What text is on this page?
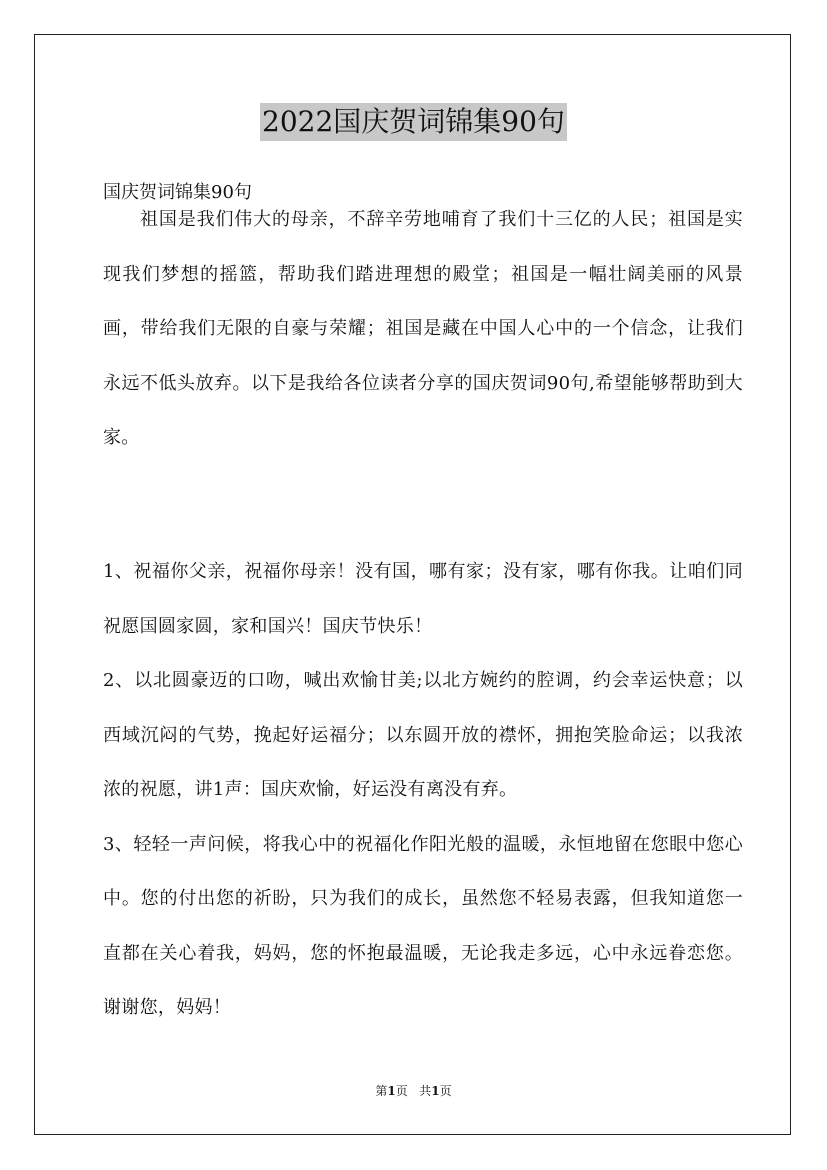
2022国庆贺词锦集90句
国庆贺词锦集90句

祖国是我们伟大的母亲，不辞辛劳地哺育了我们十三亿的人民；祖国是实现我们梦想的摇篮，帮助我们踏进理想的殿堂；祖国是一幅壮阔美丽的风景画，带给我们无限的自豪与荣耀；祖国是藏在中国人心中的一个信念，让我们永远不低头放弃。以下是我给各位读者分享的国庆贺词90句,希望能够帮助到大家。

1、祝福你父亲，祝福你母亲！没有国，哪有家；没有家，哪有你我。让咱们同祝愿国圆家圆，家和国兴！国庆节快乐！

2、以北圆豪迈的口吻，喊出欢愉甘美;以北方婉约的腔调，约会幸运快意；以西域沉闷的气势，挽起好运福分；以东圆开放的襟怀，拥抱笑脸命运；以我浓浓的祝愿，讲1声：国庆欢愉，好运没有离没有弃。

3、轻轻一声问候，将我心中的祝福化作阳光般的温暖，永恒地留在您眼中您心中。您的付出您的祈盼，只为我们的成长，虽然您不轻易表露，但我知道您一直都在关心着我，妈妈，您的怀抱最温暖，无论我走多远，心中永远眷恋您。谢谢您，妈妈！

第1页 共1页
